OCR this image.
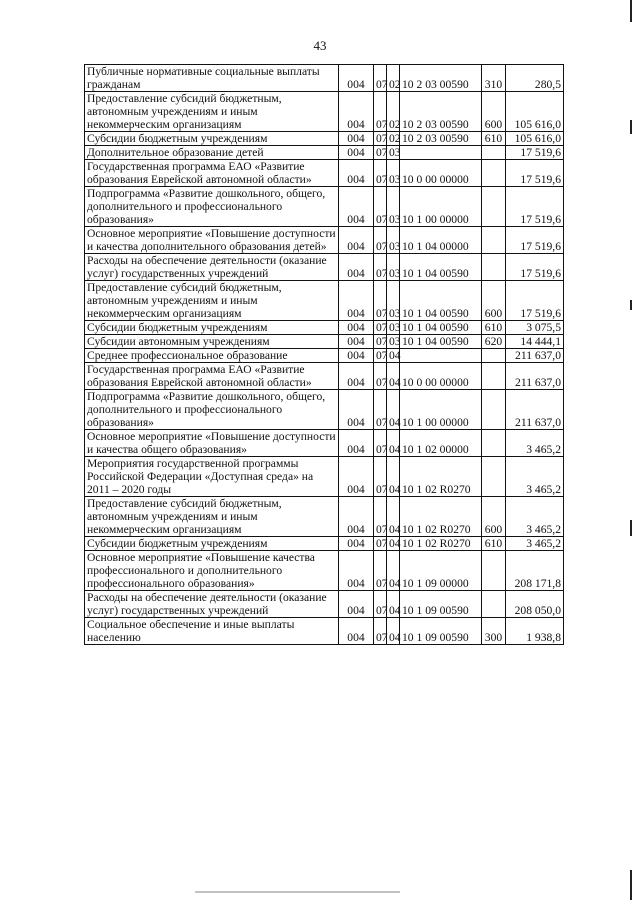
43
Публичные нормативные социальные выплаты гражданам	004	07	02	10 2 03 00590	310	280,5
Предоставление субсидий бюджетным, автономным учреждениям и иным некоммерческим организациям	004	07	02	10 2 03 00590	600	105 616,0
Субсидии бюджетным учреждениям	004	07	02	10 2 03 00590	610	105 616,0
Дополнительное образование детей	004	07	03			17 519,6
Государственная программа ЕАО «Развитие образования Еврейской автономной области»	004	07	03	10 0 00 00000		17 519,6
Подпрограмма «Развитие дошкольного, общего, дополнительного и профессионального образования»	004	07	03	10 1 00 00000		17 519,6
Основное мероприятие «Повышение доступности и качества дополнительного образования детей»	004	07	03	10 1 04 00000		17 519,6
Расходы на обеспечение деятельности (оказание услуг) государственных учреждений	004	07	03	10 1 04 00590		17 519,6
Предоставление субсидий бюджетным, автономным учреждениям и иным некоммерческим организациям	004	07	03	10 1 04 00590	600	17 519,6
Субсидии бюджетным учреждениям	004	07	03	10 1 04 00590	610	3 075,5
Субсидии автономным учреждениям	004	07	03	10 1 04 00590	620	14 444,1
Среднее профессиональное образование	004	07	04			211 637,0
Государственная программа ЕАО «Развитие образования Еврейской автономной области»	004	07	04	10 0 00 00000		211 637,0
Подпрограмма «Развитие дошкольного, общего, дополнительного и профессионального образования»	004	07	04	10 1 00 00000		211 637,0
Основное мероприятие «Повышение доступности и качества общего образования»	004	07	04	10 1 02 00000		3 465,2
Мероприятия государственной программы Российской Федерации «Доступная среда» на 2011 – 2020 годы	004	07	04	10 1 02 R0270		3 465,2
Предоставление субсидий бюджетным, автономным учреждениям и иным некоммерческим организациям	004	07	04	10 1 02 R0270	600	3 465,2
Субсидии бюджетным учреждениям	004	07	04	10 1 02 R0270	610	3 465,2
Основное мероприятие «Повышение качества профессионального и дополнительного профессионального образования»	004	07	04	10 1 09 00000		208 171,8
Расходы на обеспечение деятельности (оказание услуг) государственных учреждений	004	07	04	10 1 09 00590		208 050,0
Социальное обеспечение и иные выплаты населению	004	07	04	10 1 09 00590	300	1 938,8
